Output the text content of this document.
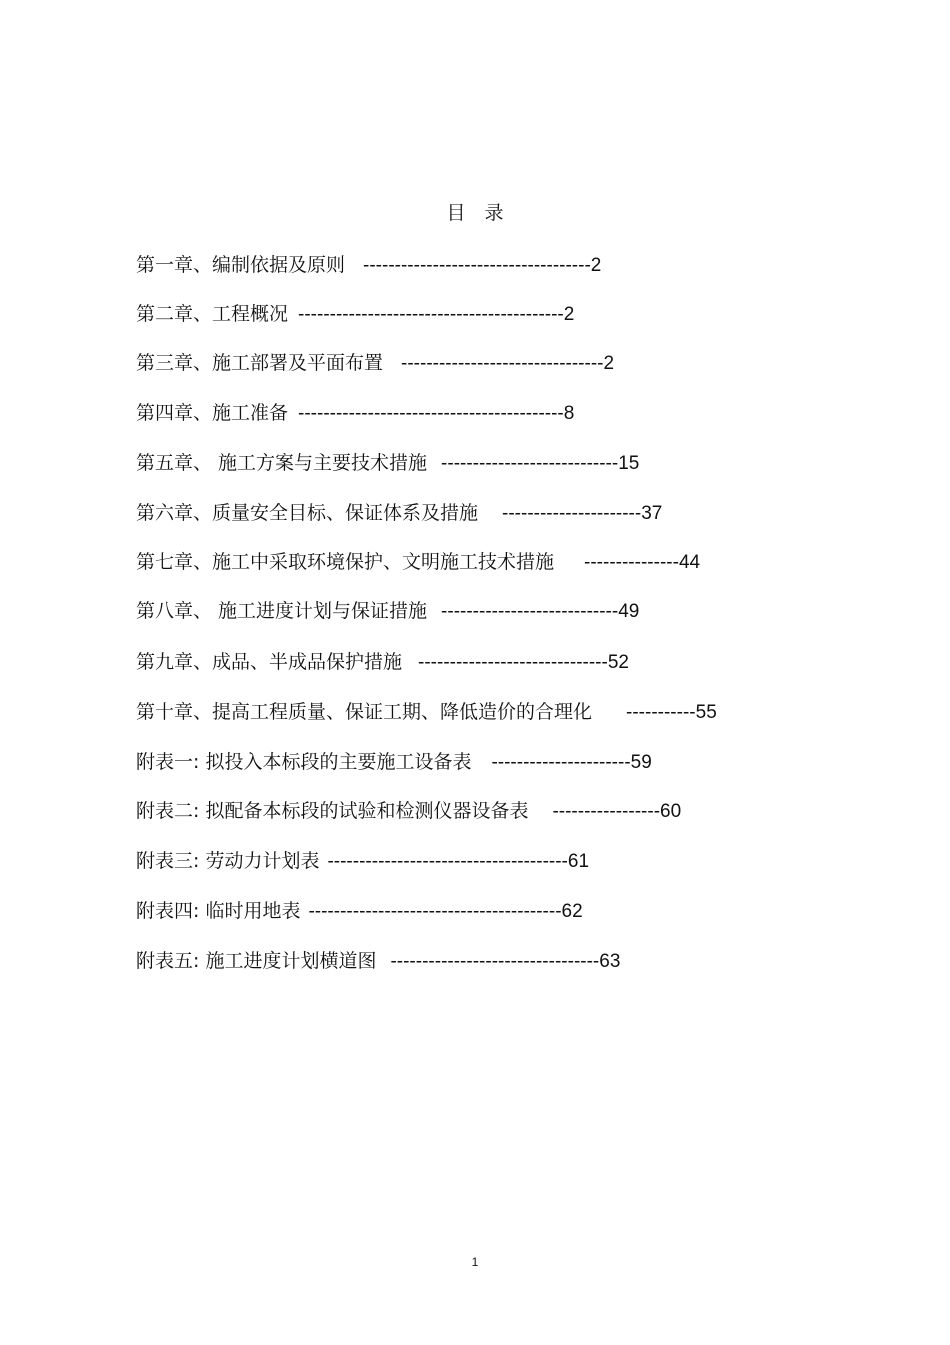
目　录
第一章、编制依据及原则 ------------------------------------2
第二章、工程概况 ------------------------------------------2
第三章、施工部署及平面布置 --------------------------------2
第四章、施工准备 ------------------------------------------8
第五章、 施工方案与主要技术措施 ----------------------------15
第六章、质量安全目标、保证体系及措施 ----------------------37
第七章、施工中采取环境保护、文明施工技术措施 ---------------44
第八章、 施工进度计划与保证措施 ----------------------------49
第九章、成品、半成品保护措施 ------------------------------52
第十章、提高工程质量、保证工期、降低造价的合理化 -----------55
附表一: 拟投入本标段的主要施工设备表 ----------------------59
附表二: 拟配备本标段的试验和检测仪器设备表 -----------------60
附表三: 劳动力计划表 --------------------------------------61
附表四: 临时用地表 ----------------------------------------62
附表五: 施工进度计划横道图 ---------------------------------63
1
